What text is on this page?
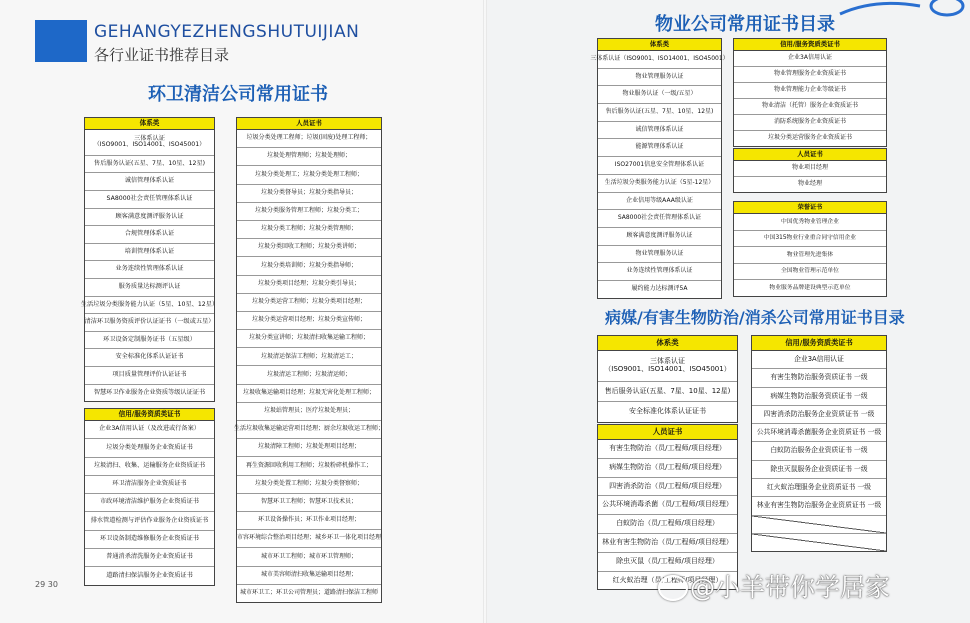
GEHANGYEZHENGSHUTUIJIAN
各行业证书推荐目录
环卫清洁公司常用证书
物业公司常用证书目录
病媒/有害生物防治/消杀公司常用证书目录
体系类
三体系认证
（ISO9001、ISO14001、ISO45001）
售后服务认证(五星、7星、10星、12星)
诚信管理体系认证
SA8000社会责任管理体系认证
顾客满意度测评服务认证
合规管理体系认证
培训管理体系认证
业务连续性管理体系认证
服务质量达标测评认证
生活垃圾分类服务能力认证（5星、10星、12星）
清洁环卫服务资质评价认证证书（一级或五星）
环卫设备定制服务证书（五星级）
安全标准化体系认证证书
项目质量管理评价认证证书
智慧环卫作业服务企业资质等级认证证书
信用/服务资质类证书
企业3A信用认证（及改进或行备案）
垃圾分类处理服务企业资质证书
垃圾清扫、收集、运输服务企业资质证书
环卫清洁服务企业资质证书
市政环境清洁维护服务企业资质证书
排水管道检测与评估作业服务企业资质证书
环卫设备制造维修服务企业资质证书
普通消杀清洗服务企业资质证书
道路清扫保洁服务企业资质证书
人员证书
垃圾分类处理工程师；垃圾(固废)处理工程师；
垃圾处理管理师；垃圾处理师；
垃圾分类处理工；垃圾分类处理工程师；
垃圾分类督导员；垃圾分类指导员；
垃圾分类服务管理工程师；垃圾分类工；
垃圾分类工程师；垃圾分类管理师；
垃圾分类回收工程师；垃圾分类讲师；
垃圾分类培训师；垃圾分类指导师；
垃圾分类项目经理；垃圾分类引导员；
垃圾分类运营工程师；垃圾分类项目经理；
垃圾分类运营项目经理；垃圾分类宣传师；
垃圾分类宣讲师；垃圾清扫收集运输工程师；
垃圾清运保洁工程师；垃圾清运工；
垃圾清运工程师；垃圾清运师；
垃圾收集运输项目经理；垃圾无害化处理工程师；
垃圾站管理员；医疗垃圾处理员；
生活垃圾收集运输运营项目经理；厨余垃圾收运工程师；
垃圾清障工程师；垃圾处理项目经理；
再生资源回收利用工程师；垃圾粉碎机操作工；
垃圾分类处置工程师；垃圾分类督察师；
智慧环卫工程师；智慧环卫技术员；
环卫设备操作员；环卫作业项目经理；
市容环境综合整治项目经理；城乡环卫一体化项目经理
城市环卫工程师；城市环卫管理师；
城市美容师清扫收集运输项目经理；
城市环卫工；环卫公司管理员；道路清扫保洁工程师
体系类
三体系认证（ISO9001、ISO14001、ISO45001）
物业管理服务认证
物业服务认证（一级/五星）
售后服务认证(五星、7星、10星、12星)
诚信管理体系认证
能源管理体系认证
ISO27001信息安全管理体系认证
生活垃圾分类服务能力认证（5星-12星）
企业信用等级AAA级认证
SA8000社会责任管理体系认证
顾客满意度测评服务认证
物业管理服务认证
业务连续性管理体系认证
履约能力达标测评5A
信用/服务资质类证书
企业3A信用认证
物业管理服务企业资质证书
物业管理能力企业等级证书
物业清洁（托管）服务企业资质证书
消防系统服务企业资质证书
垃圾分类运营服务企业资质证书
人员证书
物业项目经理
物业经理
荣誉证书
中国优秀物业管理企业
中国315物业行业重合同守信用企业
物业管理先进集体
全国物业管理示范单位
物业服务品牌建设典型示范单位
体系类
三体系认证
（ISO9001、ISO14001、ISO45001）
售后服务认证(五星、7星、10星、12星)
安全标准化体系认证证书
人员证书
有害生物防治（员/工程师/项目经理）
病媒生物防治（员/工程师/项目经理）
四害消杀防治（员/工程师/项目经理）
公共环境消毒杀菌（员/工程师/项目经理）
白蚁防治（员/工程师/项目经理）
林业有害生物防治（员/工程师/项目经理）
除虫灭鼠（员/工程师/项目经理）
红火蚁治理（员/工程师/项目经理）
信用/服务资质类证书
企业3A信用认证
有害生物防治服务资质证书 一级
病媒生物防治服务资质证书 一级
四害消杀防治服务企业资质证书 一级
公共环境消毒杀菌服务企业资质证书 一级
白蚁防治服务企业资质证书 一级
除虫灭鼠服务企业资质证书 一级
红火蚁治理服务企业资质证书 一级
林业有害生物防治服务企业资质证书 一级
29 30	@小羊带你学居家
